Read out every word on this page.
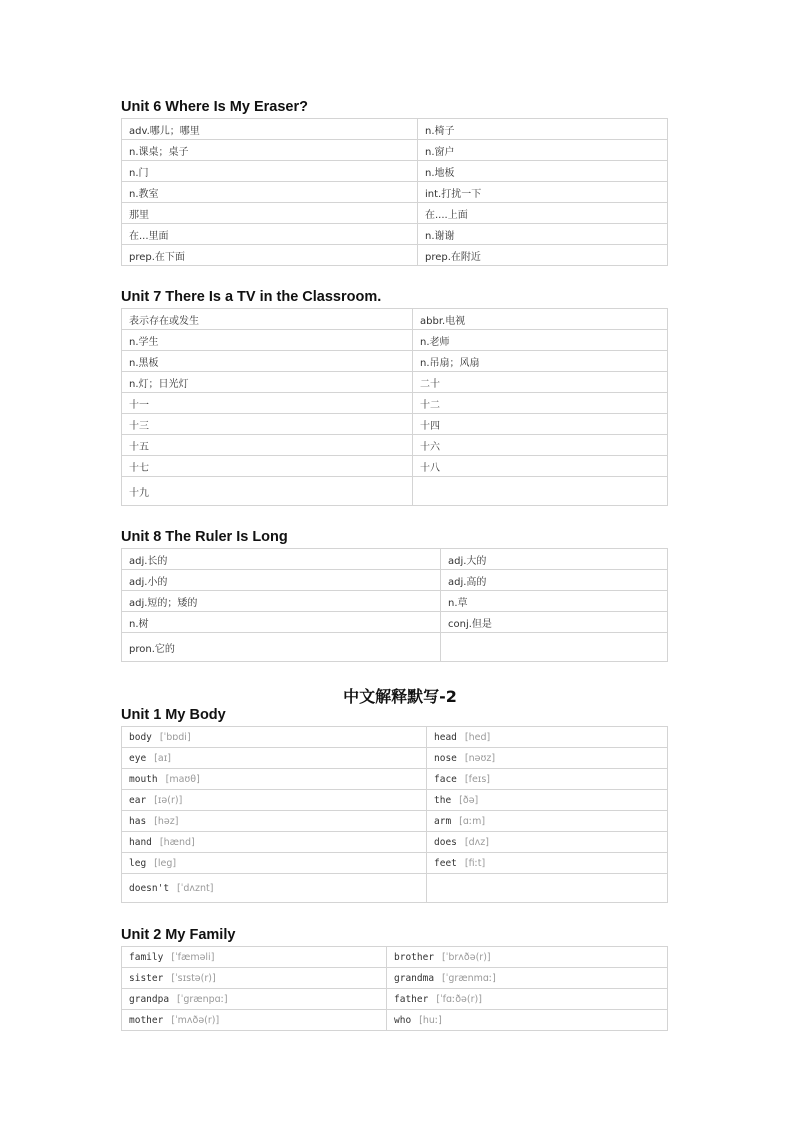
Unit 6 Where Is My Eraser?
adv.哪儿；哪里	n.椅子
n.课桌；桌子	n.窗户
n.门	n.地板
n.教室	int.打扰一下
那里	在....上面
在...里面	n.谢谢
prep.在下面	prep.在附近
Unit 7 There Is a TV in the Classroom.
表示存在或发生	abbr.电视
n.学生	n.老师
n.黑板	n.吊扇；风扇
n.灯；日光灯	二十
十一	十二
十三	十四
十五	十六
十七	十八
十九	
Unit 8 The Ruler Is Long
adj.长的	adj.大的
adj.小的	adj.高的
adj.短的；矮的	n.草
n.树	conj.但是
pron.它的	
中文解释默写-2
Unit 1 My Body
body [ˈbɒdi]	head [hed]
eye [aɪ]	nose [nəʊz]
mouth [maʊθ]	face [feɪs]
ear [ɪə(r)]	the [ðə]
has [həz]	arm [ɑːm]
hand [hænd]	does [dʌz]
leg [leg]	feet [fiːt]
doesn't [ˈdʌznt]	
Unit 2 My Family
family [ˈfæməli]	brother [ˈbrʌðə(r)]
sister [ˈsɪstə(r)]	grandma [ˈgrænmɑː]
grandpa [ˈgrænpɑː]	father [ˈfɑːðə(r)]
mother [ˈmʌðə(r)]	who [huː]
